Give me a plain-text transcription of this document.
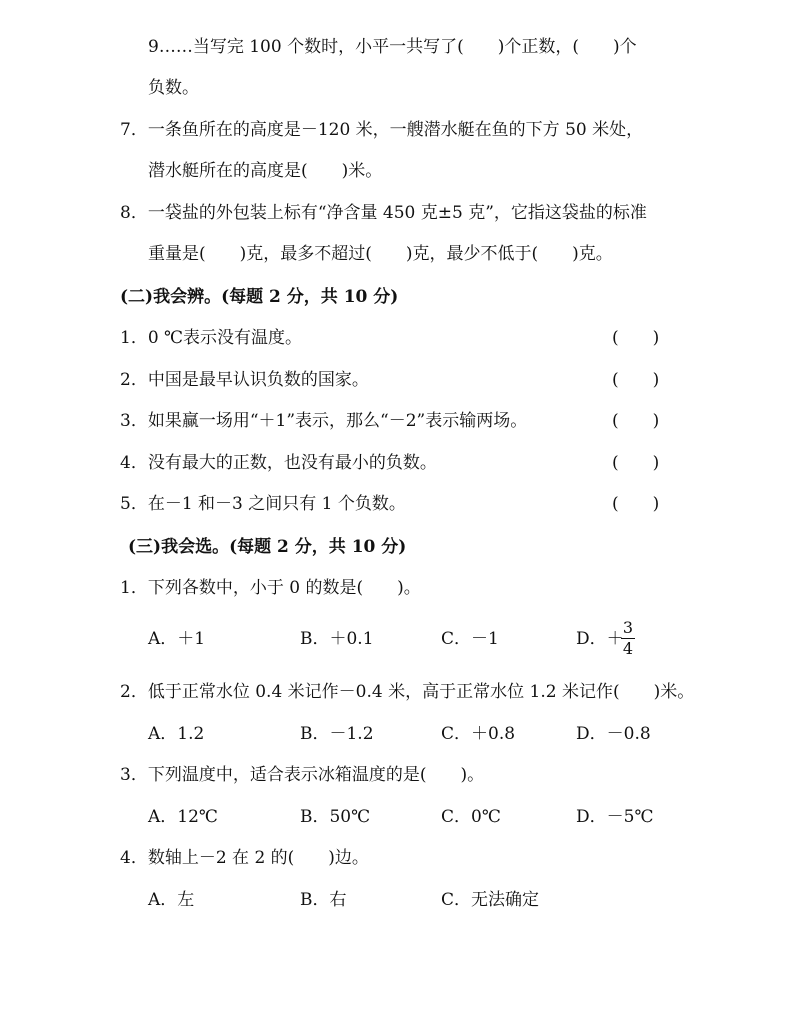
9……当写完 100 个数时，小平一共写了(　　)个正数，(　　)个
负数。
7．一条鱼所在的高度是－120 米，一艘潜水艇在鱼的下方 50 米处，
潜水艇所在的高度是(　　)米。
8．一袋盐的外包装上标有“净含量 450 克±5 克”，它指这袋盐的标准
重量是(　　)克，最多不超过(　　)克，最少不低于(　　)克。
(二)我会辨。(每题 2 分，共 10 分)
1．0 ℃表示没有温度。	(　　)
2．中国是最早认识负数的国家。	(　　)
3．如果赢一场用“＋1”表示，那么“－2”表示输两场。	(　　)
4．没有最大的正数，也没有最小的负数。	(　　)
5．在－1 和－3 之间只有 1 个负数。	(　　)
(三)我会选。(每题 2 分，共 10 分)
1．下列各数中，小于 0 的数是(　　)。
A．＋1	B．＋0.1	C．－1	D．＋
3
4
2．低于正常水位 0.4 米记作－0.4 米，高于正常水位 1.2 米记作(　　)米。
A．1.2	B．－1.2	C．＋0.8	D．－0.8
3．下列温度中，适合表示冰箱温度的是(　　)。
A．12℃	B．50℃	C．0℃	D．－5℃
4．数轴上－2 在 2 的(　　)边。
A．左	B．右	C．无法确定
